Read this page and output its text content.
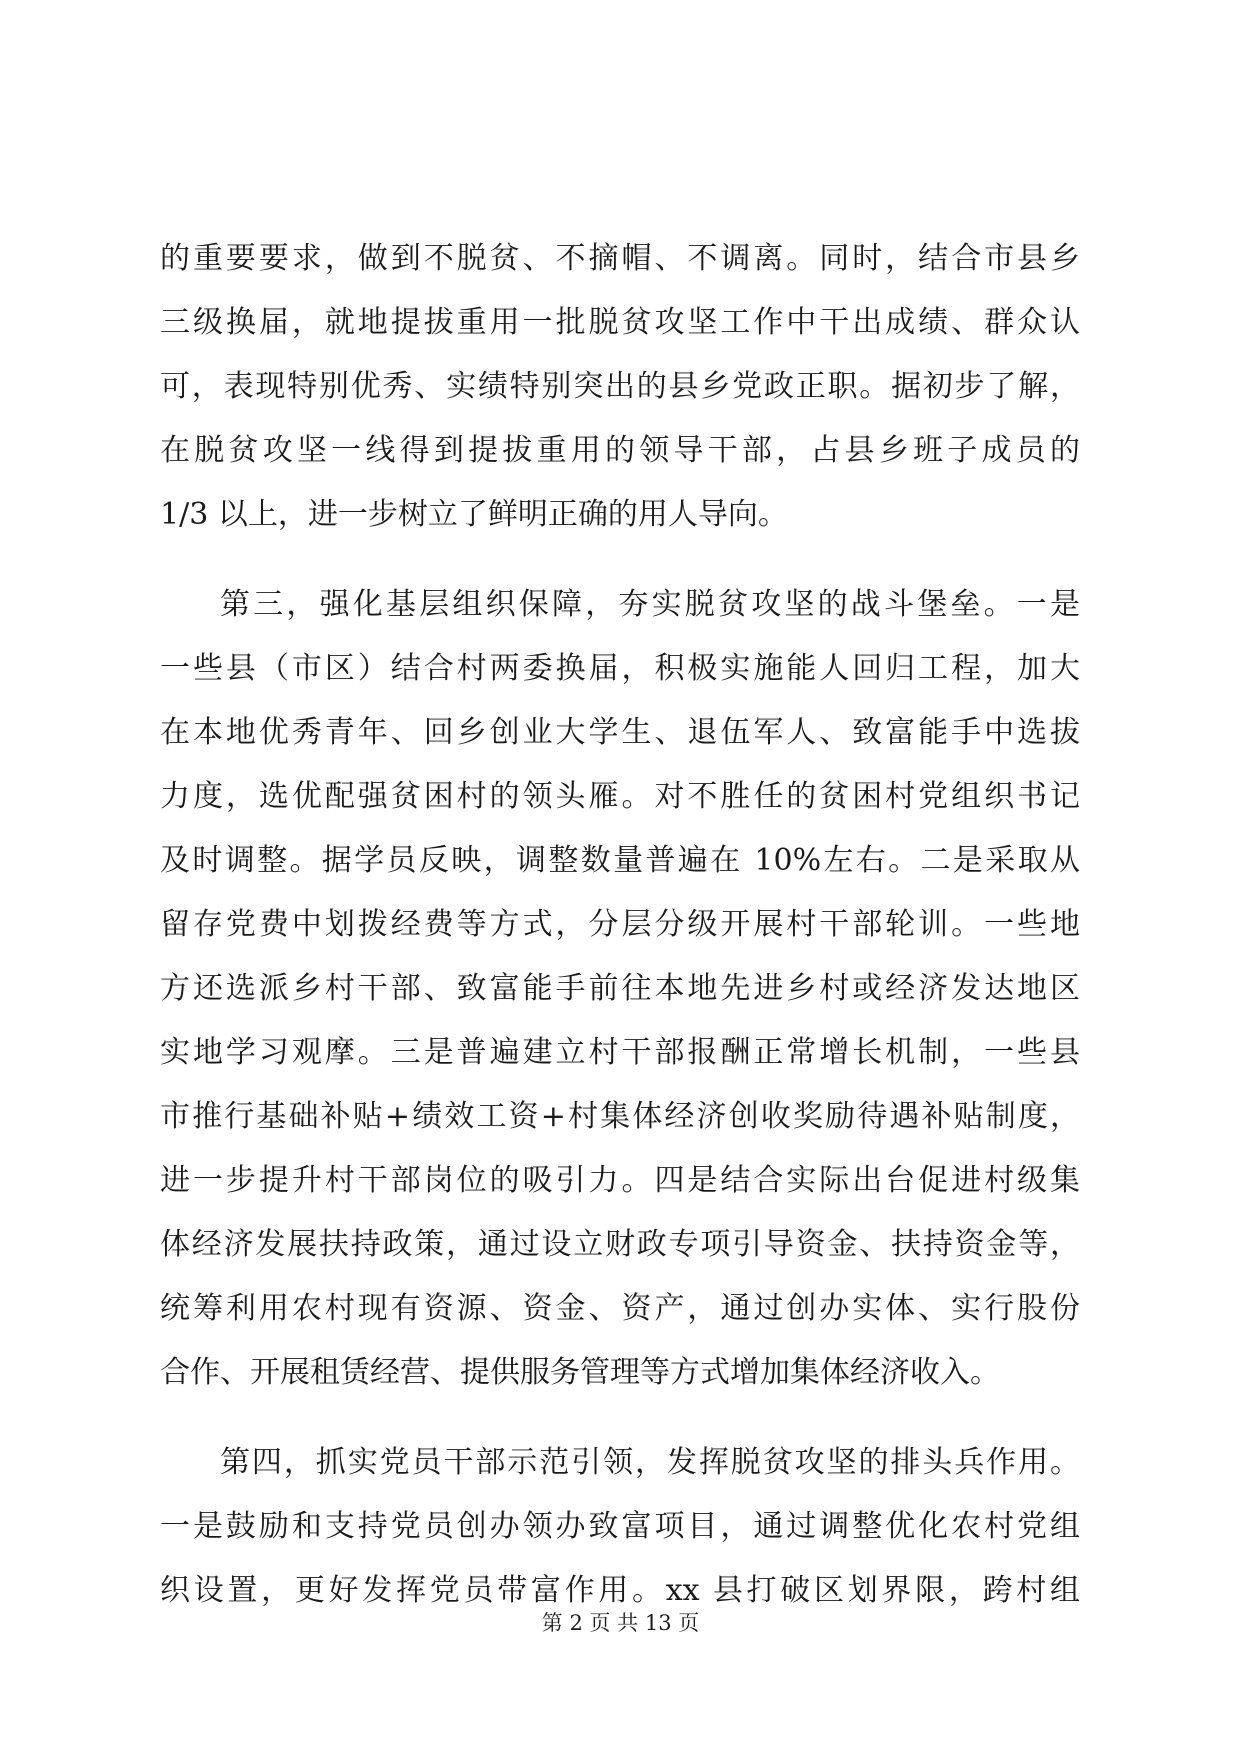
的重要要求，做到不脱贫、不摘帽、不调离。同时，结合市县乡
三级换届，就地提拔重用一批脱贫攻坚工作中干出成绩、群众认
可，表现特别优秀、实绩特别突出的县乡党政正职。据初步了解，
在脱贫攻坚一线得到提拔重用的领导干部，占县乡班子成员的
1/3 以上，进一步树立了鲜明正确的用人导向。
第三，强化基层组织保障，夯实脱贫攻坚的战斗堡垒。一是
一些县（市区）结合村两委换届，积极实施能人回归工程，加大
在本地优秀青年、回乡创业大学生、退伍军人、致富能手中选拔
力度，选优配强贫困村的领头雁。对不胜任的贫困村党组织书记
及时调整。据学员反映，调整数量普遍在 10%左右。二是采取从
留存党费中划拨经费等方式，分层分级开展村干部轮训。一些地
方还选派乡村干部、致富能手前往本地先进乡村或经济发达地区
实地学习观摩。三是普遍建立村干部报酬正常增长机制，一些县
市推行基础补贴+绩效工资+村集体经济创收奖励待遇补贴制度，
进一步提升村干部岗位的吸引力。四是结合实际出台促进村级集
体经济发展扶持政策，通过设立财政专项引导资金、扶持资金等，
统筹利用农村现有资源、资金、资产，通过创办实体、实行股份
合作、开展租赁经营、提供服务管理等方式增加集体经济收入。
第四，抓实党员干部示范引领，发挥脱贫攻坚的排头兵作用。
一是鼓励和支持党员创办领办致富项目，通过调整优化农村党组
织设置，更好发挥党员带富作用。xx 县打破区划界限，跨村组
第 2 页 共 13 页
